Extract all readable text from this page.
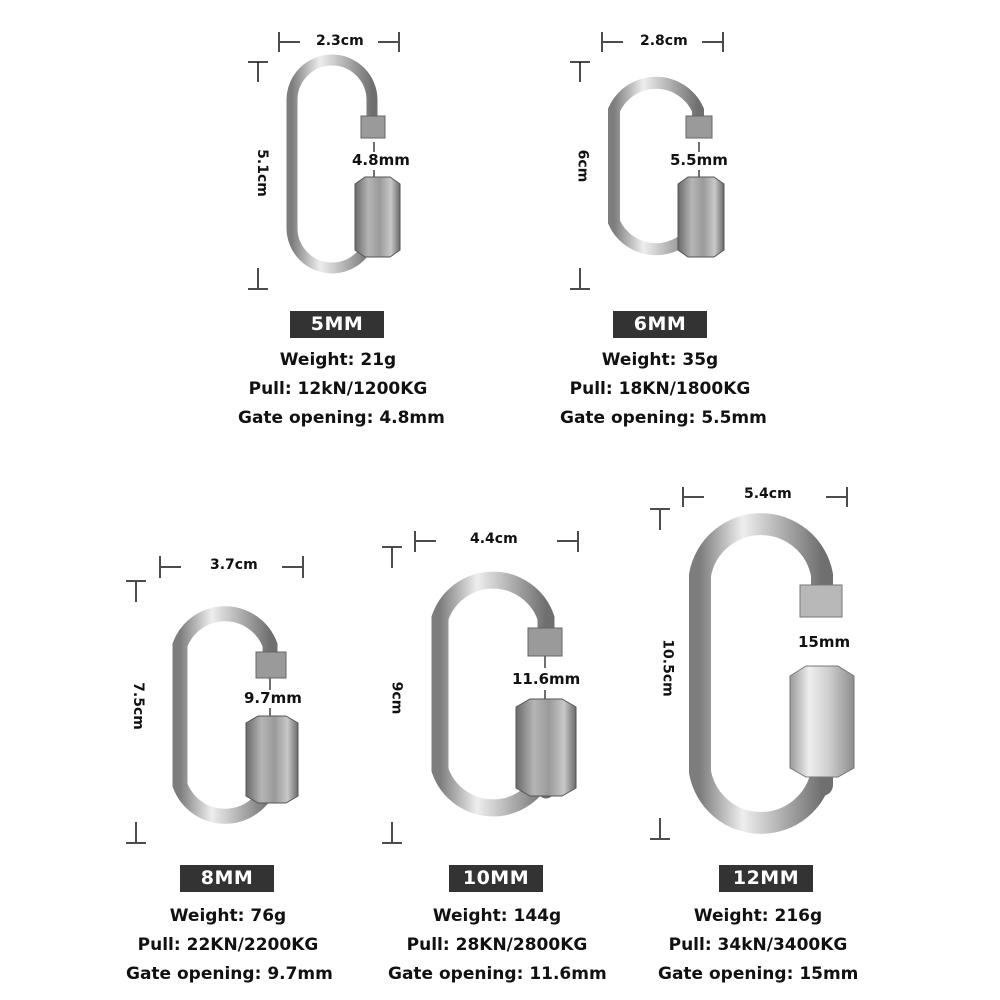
2.3cm
5.1cm	4.8mm
5MM
Weight: 21g
Pull: 12kN/1200KG
Gate opening: 4.8mm
2.8cm
6cm	5.5mm
6MM
Weight: 35g
Pull: 18KN/1800KG
Gate opening: 5.5mm
3.7cm
7.5cm	9.7mm
8MM
Weight: 76g
Pull: 22KN/2200KG
Gate opening: 9.7mm
4.4cm
9cm
11.6mm
10MM
Weight: 144g
Pull: 28KN/2800KG
Gate opening: 11.6mm
5.4cm
10.5cm	15mm
12MM
Weight: 216g
Pull: 34kN/3400KG
Gate opening: 15mm
